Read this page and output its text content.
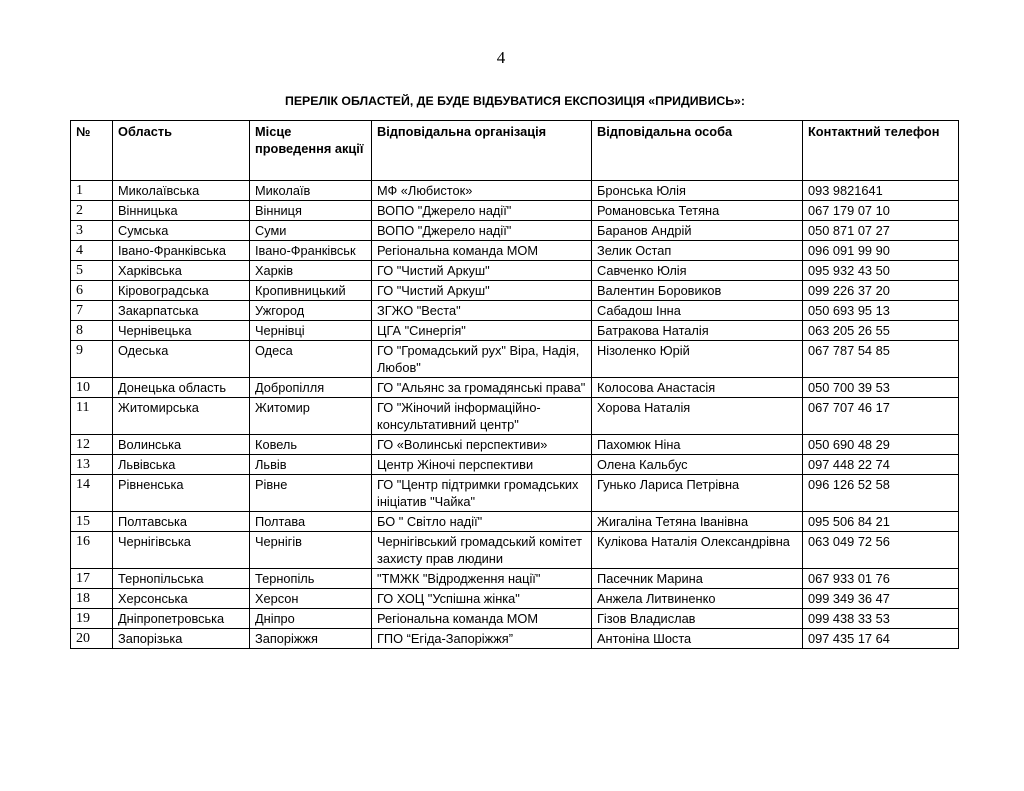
4
ПЕРЕЛІК ОБЛАСТЕЙ, ДЕ БУДЕ ВІДБУВАТИСЯ ЕКСПОЗИЦІЯ «ПРИДИВИСЬ»:
№	Область	Місце проведення акції	Відповідальна організація	Відповідальна особа	Контактний телефон
1	Миколаївська	Миколаїв	МФ «Любисток»	Бронська Юлія	093 9821641
2	Вінницька	Вінниця	ВОПО "Джерело надії"	Романовська Тетяна	067 179 07 10
3	Сумська	Суми	ВОПО "Джерело надії"	Баранов Андрій	050 871 07 27
4	Івано-Франківська	Івано-Франківськ	Регіональна команда МОМ	Зелик Остап	096 091 99 90
5	Харківська	Харків	ГО "Чистий Аркуш"	Савченко Юлія	095 932 43 50
6	Кіровоградська	Кропивницький	ГО "Чистий Аркуш"	Валентин Боровиков	099 226 37 20
7	Закарпатська	Ужгород	ЗГЖО "Веста"	Сабадош Інна	050 693 95 13
8	Чернівецька	Чернівці	ЦГА "Синергія"	Батракова Наталія	063 205 26 55
9	Одеська	Одеса	ГО "Громадський рух" Віра, Надія, Любов"	Нізоленко Юрій	067 787 54 85
10	Донецька область	Добропілля	ГО "Альянс за громадянські права"	Колосова Анастасія	050 700 39 53
11	Житомирська	Житомир	ГО "Жіночий інформаційно-консультативний центр"	Хорова Наталія	067 707 46 17
12	Волинська	Ковель	ГО «Волинські перспективи»	Пахомюк Ніна	050 690 48 29
13	Львівська	Львів	Центр Жіночі перспективи	Олена Кальбус	097 448 22 74
14	Рівненська	Рівне	ГО "Центр підтримки громадських ініціатив "Чайка"	Гунько Лариса Петрівна	096 126 52 58
15	Полтавська	Полтава	БО " Світло надії"	Жигаліна Тетяна Іванівна	095 506 84 21
16	Чернігівська	Чернігів	Чернігівський громадський комітет захисту прав людини	Кулікова Наталія Олександрівна	063 049 72 56
17	Тернопільська	Тернопіль	"ТМЖК "Відродження нації"	Пасечник Марина	067 933 01 76
18	Херсонська	Херсон	ГО ХОЦ "Успішна жінка"	Анжела Литвиненко	099 349 36 47
19	Дніпропетровська	Дніпро	Регіональна команда МОМ	Гізов Владислав	099 438 33 53
20	Запорізька	Запоріжжя	ГПО “Егіда-Запоріжжя”	Антоніна Шоста	097 435 17 64
